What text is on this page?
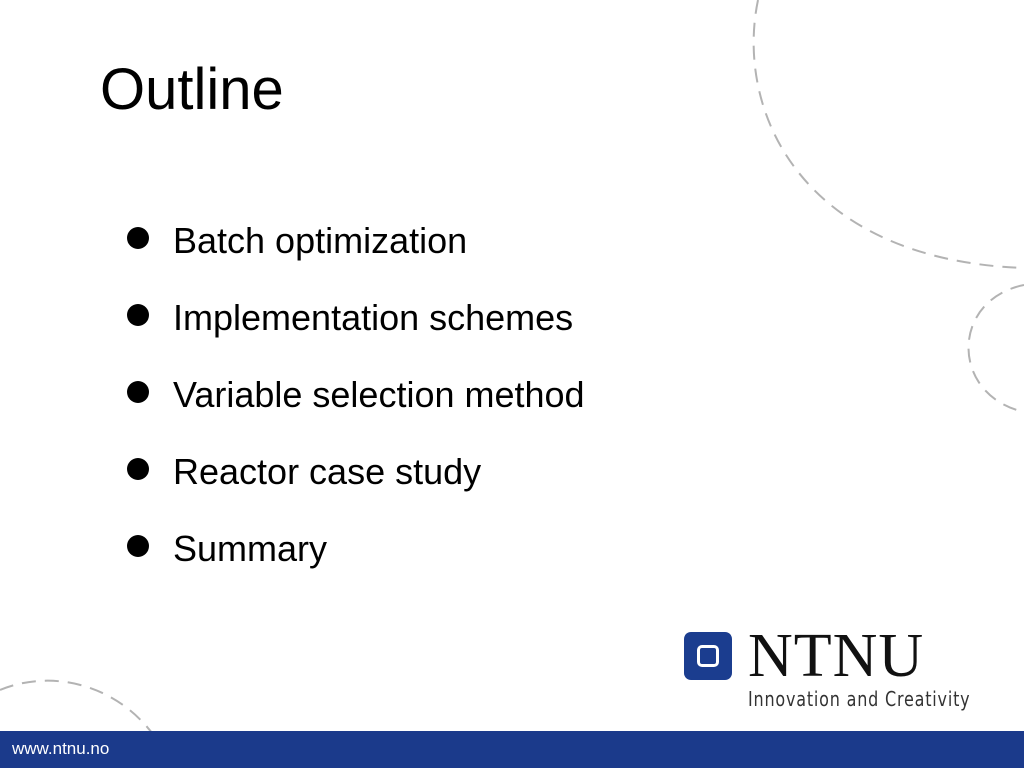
Outline
Batch optimization
Implementation schemes
Variable selection method
Reactor case study
Summary
NTNU
Innovation and Creativity
www.ntnu.no
